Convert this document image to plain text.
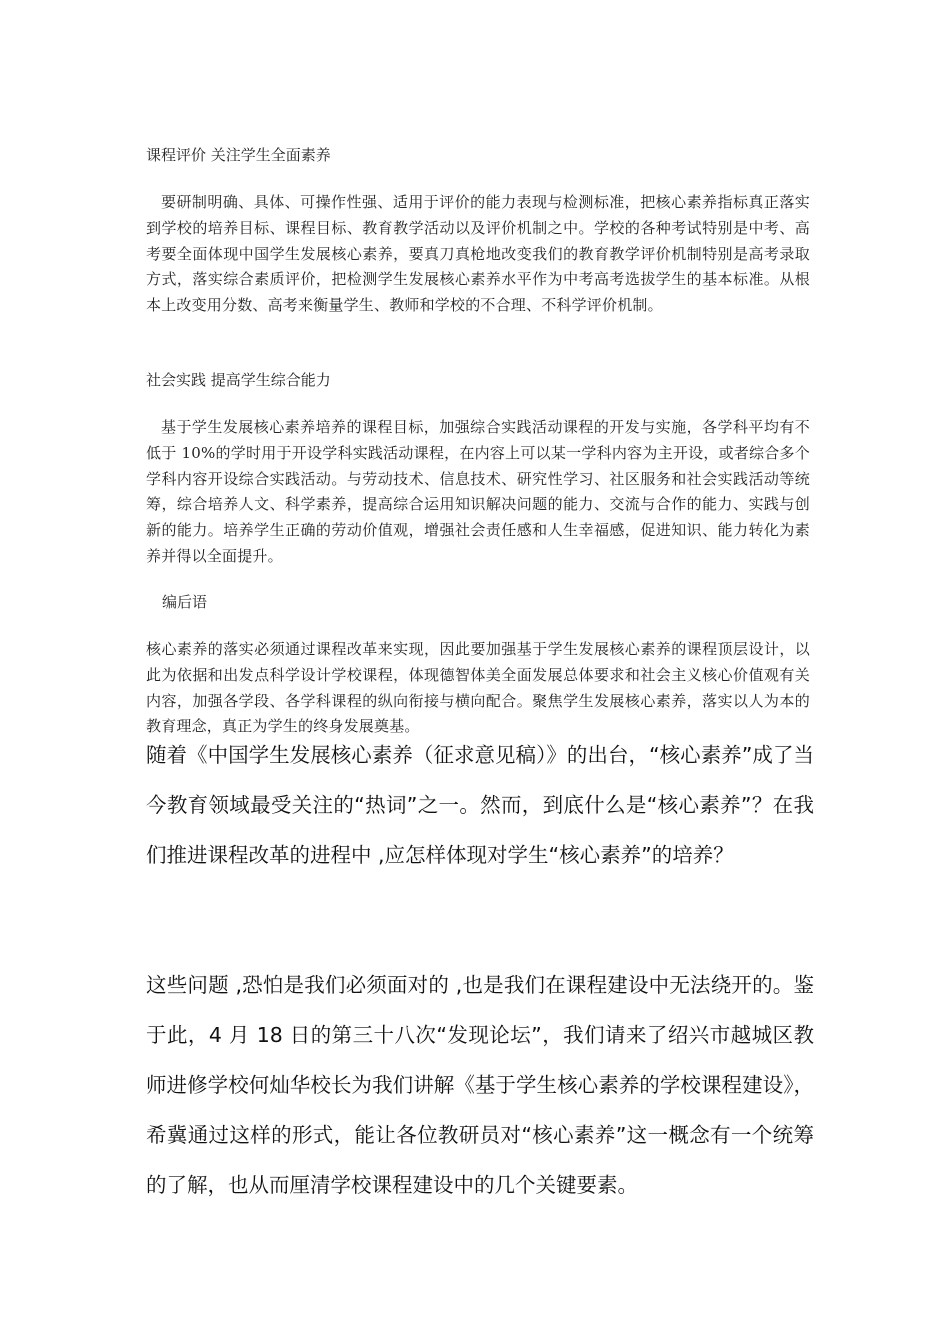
课程评价 关注学生全面素养

要研制明确、具体、可操作性强、适用于评价的能力表现与检测标准，把核心素养指标真正落实到学校的培养目标、课程目标、教育教学活动以及评价机制之中。学校的各种考试特别是中考、高考要全面体现中国学生发展核心素养，要真刀真枪地改变我们的教育教学评价机制特别是高考录取方式，落实综合素质评价，把检测学生发展核心素养水平作为中考高考选拔学生的基本标准。从根本上改变用分数、高考来衡量学生、教师和学校的不合理、不科学评价机制。

社会实践 提高学生综合能力

基于学生发展核心素养培养的课程目标，加强综合实践活动课程的开发与实施，各学科平均有不低于 10%的学时用于开设学科实践活动课程，在内容上可以某一学科内容为主开设，或者综合多个学科内容开设综合实践活动。与劳动技术、信息技术、研究性学习、社区服务和社会实践活动等统筹，综合培养人文、科学素养，提高综合运用知识解决问题的能力、交流与合作的能力、实践与创新的能力。培养学生正确的劳动价值观，增强社会责任感和人生幸福感，促进知识、能力转化为素养并得以全面提升。

编后语

核心素养的落实必须通过课程改革来实现，因此要加强基于学生发展核心素养的课程顶层设计，以此为依据和出发点科学设计学校课程，体现德智体美全面发展总体要求和社会主义核心价值观有关内容，加强各学段、各学科课程的纵向衔接与横向配合。聚焦学生发展核心素养，落实以人为本的教育理念，真正为学生的终身发展奠基。

随着《中国学生发展核心素养（征求意见稿）》的出台，“核心素养”成了当今教育领域最受关注的“热词”之一。然而，到底什么是“核心素养”？在我们推进课程改革的进程中 ,应怎样体现对学生“核心素养”的培养？

这些问题 ,恐怕是我们必须面对的 ,也是我们在课程建设中无法绕开的。鉴于此，4 月 18 日的第三十八次“发现论坛”，我们请来了绍兴市越城区教师进修学校何灿华校长为我们讲解《基于学生核心素养的学校课程建设》，希冀通过这样的形式，能让各位教研员对“核心素养”这一概念有一个统筹的了解，也从而厘清学校课程建设中的几个关键要素。
